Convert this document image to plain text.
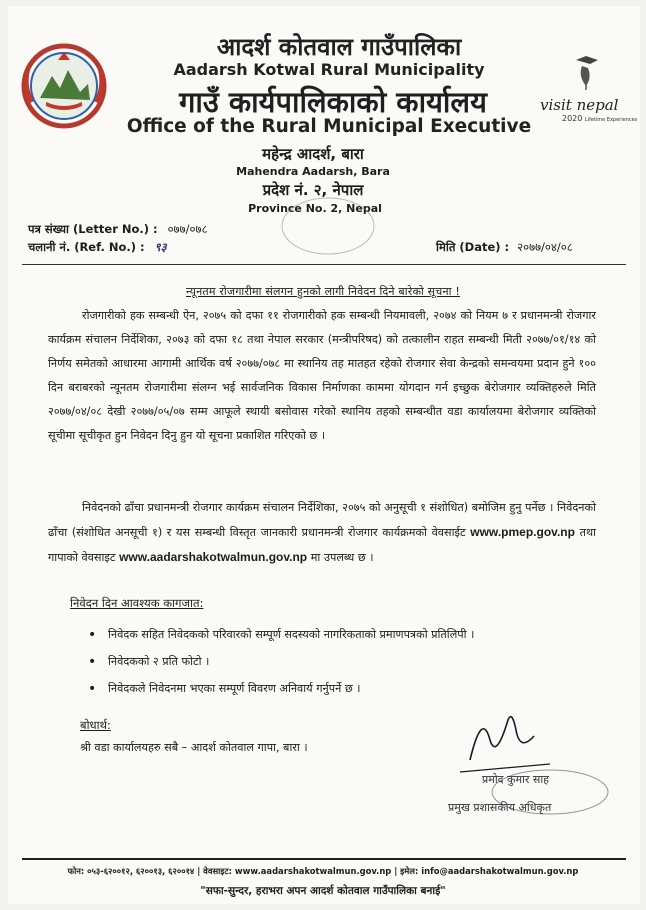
visit nepal
2020 Lifetime Experiences
आदर्श कोतवाल गाउँपालिका
Aadarsh Kotwal Rural Municipality
गाउँ कार्यपालिकाको कार्यालय
Office of the Rural Municipal Executive
महेन्द्र आदर्श, बारा
Mahendra Aadarsh, Bara
प्रदेश नं. २, नेपाल
Province No. 2, Nepal
पत्र संख्या (Letter No.) : ०७७/०७८
चलानी नं. (Ref. No.) : ९३	मिति (Date) : २०७७/०४/०८
न्यूनतम रोजगारीमा संलगन हुनको लागी निवेदन दिने बारेको सूचना !
रोजगारीको हक सम्बन्धी ऐन, २०७५ को दफा ११ रोजगारीको हक सम्बन्धी नियमावली, २०७४ को नियम ७ र प्रधानमन्त्री रोजगार कार्यक्रम संचालन निर्देशिका, २०७३ को दफा १८ तथा नेपाल सरकार (मन्त्रीपरिषद) को तत्कालीन राहत सम्बन्धी मिती २०७७/०१/१४ को निर्णय समेतको आधारमा आगामी आर्थिक वर्ष २०७७/०७८ मा स्थानिय तह मातहत रहेको रोजगार सेवा केन्द्रको समन्वयमा प्रदान हुने १०० दिन बराबरको न्यूनतम रोजगारीमा संलग्न भई सार्वजनिक विकास निर्माणका काममा योगदान गर्न इच्छुक बेरोजगार व्यक्तिहरुले मिति २०७७/०४/०८ देखी २०७७/०५/०७ सम्म आफूले स्थायी बसोवास गरेको स्थानिय तहको सम्बन्धीत वडा कार्यालयमा बेरोजगार व्यक्तिको सूचीमा सूचीकृत हुन निवेदन दिनु हुन यो सूचना प्रकाशित गरिएको छ ।
निवेदनको ढाँचा प्रधानमन्त्री रोजगार कार्यक्रम संचालन निर्देशिका, २०७५ को अनुसूची १ संशोधित) बमोजिम हुनु पर्नेछ । निवेदनको ढाँचा (संशोधित अनसूची १) र यस सम्बन्धी विस्तृत जानकारी प्रधानमन्त्री रोजगार कार्यक्रमको वेवसाईट www.pmep.gov.np तथा गापाको वेवसाइट www.aadarshakotwalmun.gov.np मा उपलब्ध छ ।
निवेदन दिन आवश्यक कागजात:
• निवेदक सहित निवेदकको परिवारको सम्पूर्ण सदस्यको नागरिकताको प्रमाणपत्रको प्रतिलिपी ।
• निवेदकको २ प्रति फोटो ।
• निवेदकले निवेदनमा भएका सम्पूर्ण विवरण अनिवार्य गर्नुपर्ने छ ।
बोधार्थ:
श्री वडा कार्यालयहरु सबै – आदर्श कोतवाल गापा, बारा ।
प्रमोद कुमार साह
प्रमुख प्रशासकीय अधिकृत
फोन: ०५३-६२००१२, ६२००१३, ६२००१४ | वेवसाइट: www.aadarshakotwalmun.gov.np | इमेल: info@aadarshakotwalmun.gov.np
"सफा-सुन्दर, हराभरा अपन आदर्श कोतवाल गाउँपालिका बनाई"
